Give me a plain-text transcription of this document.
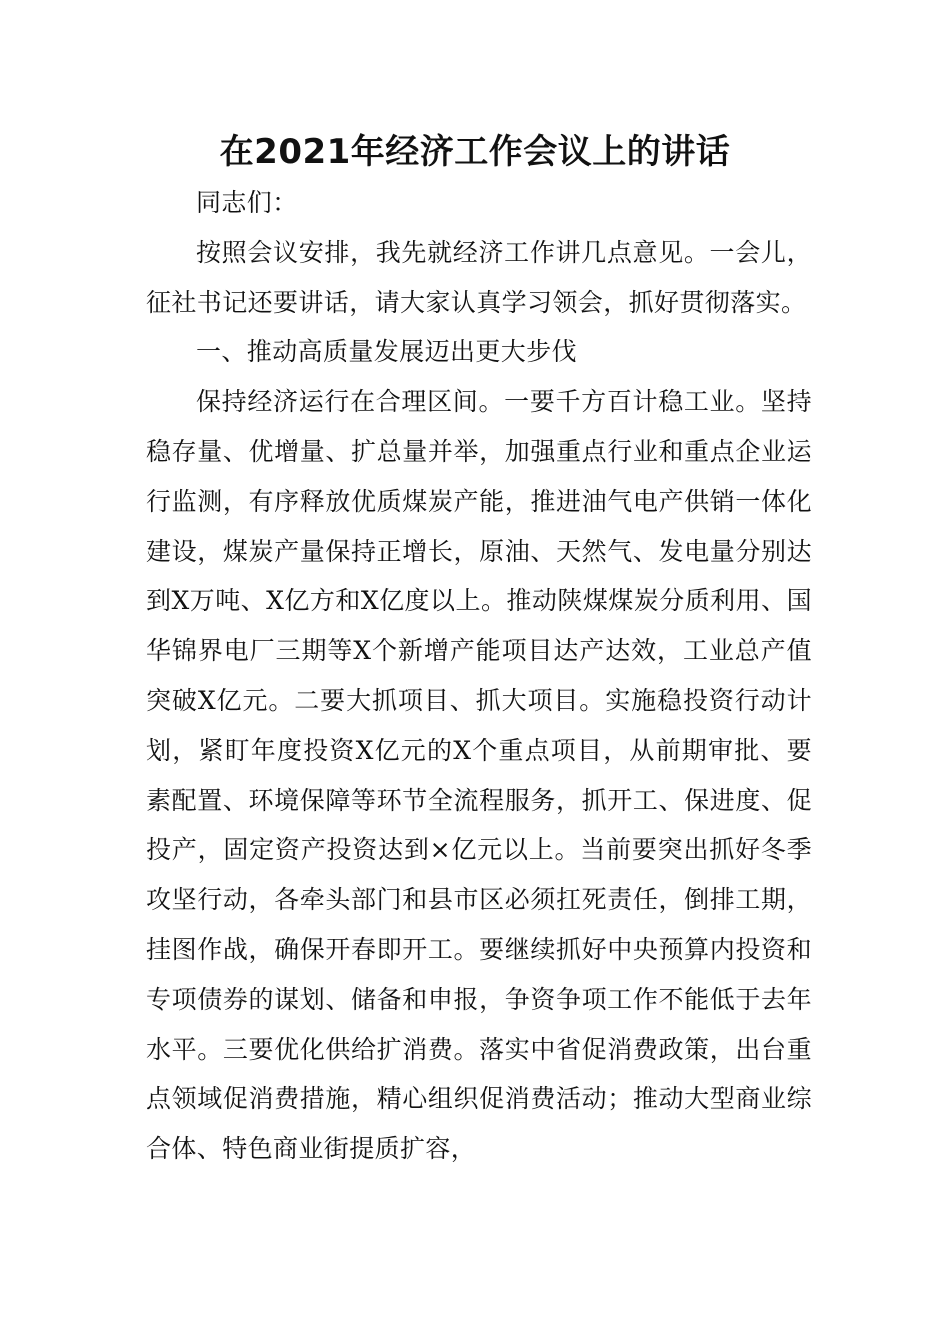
在2021年经济工作会议上的讲话

同志们：

按照会议安排，我先就经济工作讲几点意见。一会儿，征社书记还要讲话，请大家认真学习领会，抓好贯彻落实。

一、推动高质量发展迈出更大步伐

保持经济运行在合理区间。一要千方百计稳工业。坚持稳存量、优增量、扩总量并举，加强重点行业和重点企业运行监测，有序释放优质煤炭产能，推进油气电产供销一体化建设，煤炭产量保持正增长，原油、天然气、发电量分别达到X万吨、X亿方和X亿度以上。推动陕煤煤炭分质利用、国华锦界电厂三期等X个新增产能项目达产达效，工业总产值突破X亿元。二要大抓项目、抓大项目。实施稳投资行动计划，紧盯年度投资X亿元的X个重点项目，从前期审批、要素配置、环境保障等环节全流程服务，抓开工、保进度、促投产，固定资产投资达到×亿元以上。当前要突出抓好冬季攻坚行动，各牵头部门和县市区必须扛死责任，倒排工期，挂图作战，确保开春即开工。要继续抓好中央预算内投资和专项债券的谋划、储备和申报，争资争项工作不能低于去年水平。三要优化供给扩消费。落实中省促消费政策，出台重点领域促消费措施，精心组织促消费活动；推动大型商业综合体、特色商业街提质扩容，
